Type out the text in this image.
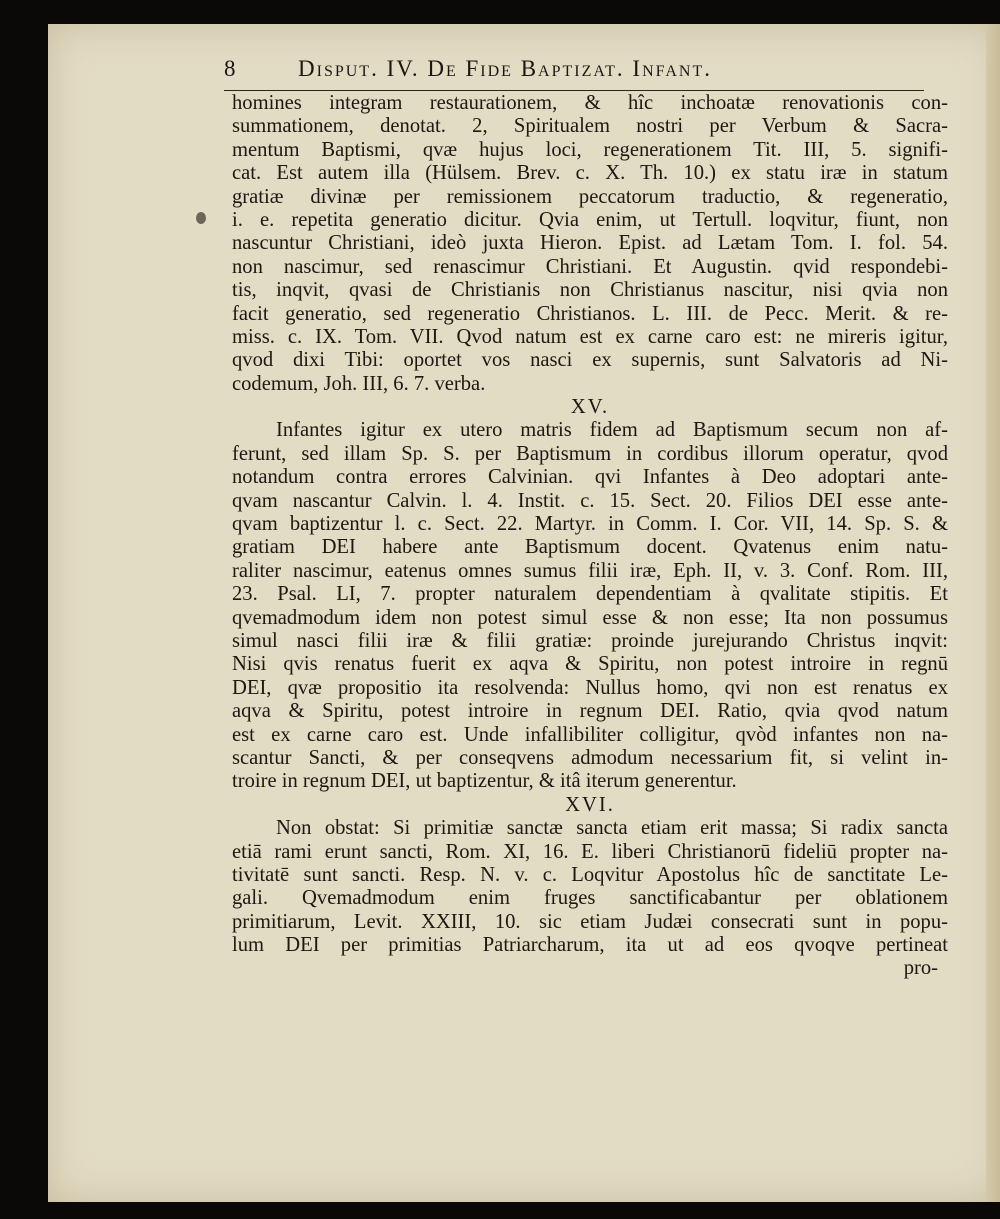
8	Disput. IV. De Fide Baptizat. Infant.
homines integram restaurationem, & hîc inchoatæ renovationis con-
summationem, denotat. 2, Spiritualem nostri per Verbum & Sacra-
mentum Baptismi, qvæ hujus loci, regenerationem Tit. III, 5. signifi-
cat. Est autem illa (Hülsem. Brev. c. X. Th. 10.) ex statu iræ in statum
gratiæ divinæ per remissionem peccatorum traductio, & regeneratio,
i. e. repetita generatio dicitur. Qvia enim, ut Tertull. loqvitur, fiunt, non
nascuntur Christiani, ideò juxta Hieron. Epist. ad Lætam Tom. I. fol. 54.
non nascimur, sed renascimur Christiani. Et Augustin. qvid respondebi-
tis, inqvit, qvasi de Christianis non Christianus nascitur, nisi qvia non
facit generatio, sed regeneratio Christianos. L. III. de Pecc. Merit. & re-
miss. c. IX. Tom. VII. Qvod natum est ex carne caro est: ne mireris igitur,
qvod dixi Tibi: oportet vos nasci ex supernis, sunt Salvatoris ad Ni-
codemum, Joh. III, 6. 7. verba.
XV.
Infantes igitur ex utero matris fidem ad Baptismum secum non af-
ferunt, sed illam Sp. S. per Baptismum in cordibus illorum operatur, qvod
notandum contra errores Calvinian. qvi Infantes à Deo adoptari ante-
qvam nascantur Calvin. l. 4. Instit. c. 15. Sect. 20. Filios DEI esse ante-
qvam baptizentur l. c. Sect. 22. Martyr. in Comm. I. Cor. VII, 14. Sp. S. &
gratiam DEI habere ante Baptismum docent. Qvatenus enim natu-
raliter nascimur, eatenus omnes sumus filii iræ, Eph. II, v. 3. Conf. Rom. III,
23. Psal. LI, 7. propter naturalem dependentiam à qvalitate stipitis. Et
qvemadmodum idem non potest simul esse & non esse; Ita non possumus
simul nasci filii iræ & filii gratiæ: proinde jurejurando Christus inqvit:
Nisi qvis renatus fuerit ex aqva & Spiritu, non potest introire in regnū
DEI, qvæ propositio ita resolvenda: Nullus homo, qvi non est renatus ex
aqva & Spiritu, potest introire in regnum DEI. Ratio, qvia qvod natum
est ex carne caro est. Unde infallibiliter colligitur, qvòd infantes non na-
scantur Sancti, & per conseqvens admodum necessarium fit, si velint in-
troire in regnum DEI, ut baptizentur, & itâ iterum generentur.
XVI.
Non obstat: Si primitiæ sanctæ sancta etiam erit massa; Si radix sancta
etiā rami erunt sancti, Rom. XI, 16. E. liberi Christianorū fideliū propter na-
tivitatē sunt sancti. Resp. N. v. c. Loqvitur Apostolus hîc de sanctitate Le-
gali. Qvemadmodum enim fruges sanctificabantur per oblationem
primitiarum, Levit. XXIII, 10. sic etiam Judæi consecrati sunt in popu-
lum DEI per primitias Patriarcharum, ita ut ad eos qvoqve pertineat
pro-
